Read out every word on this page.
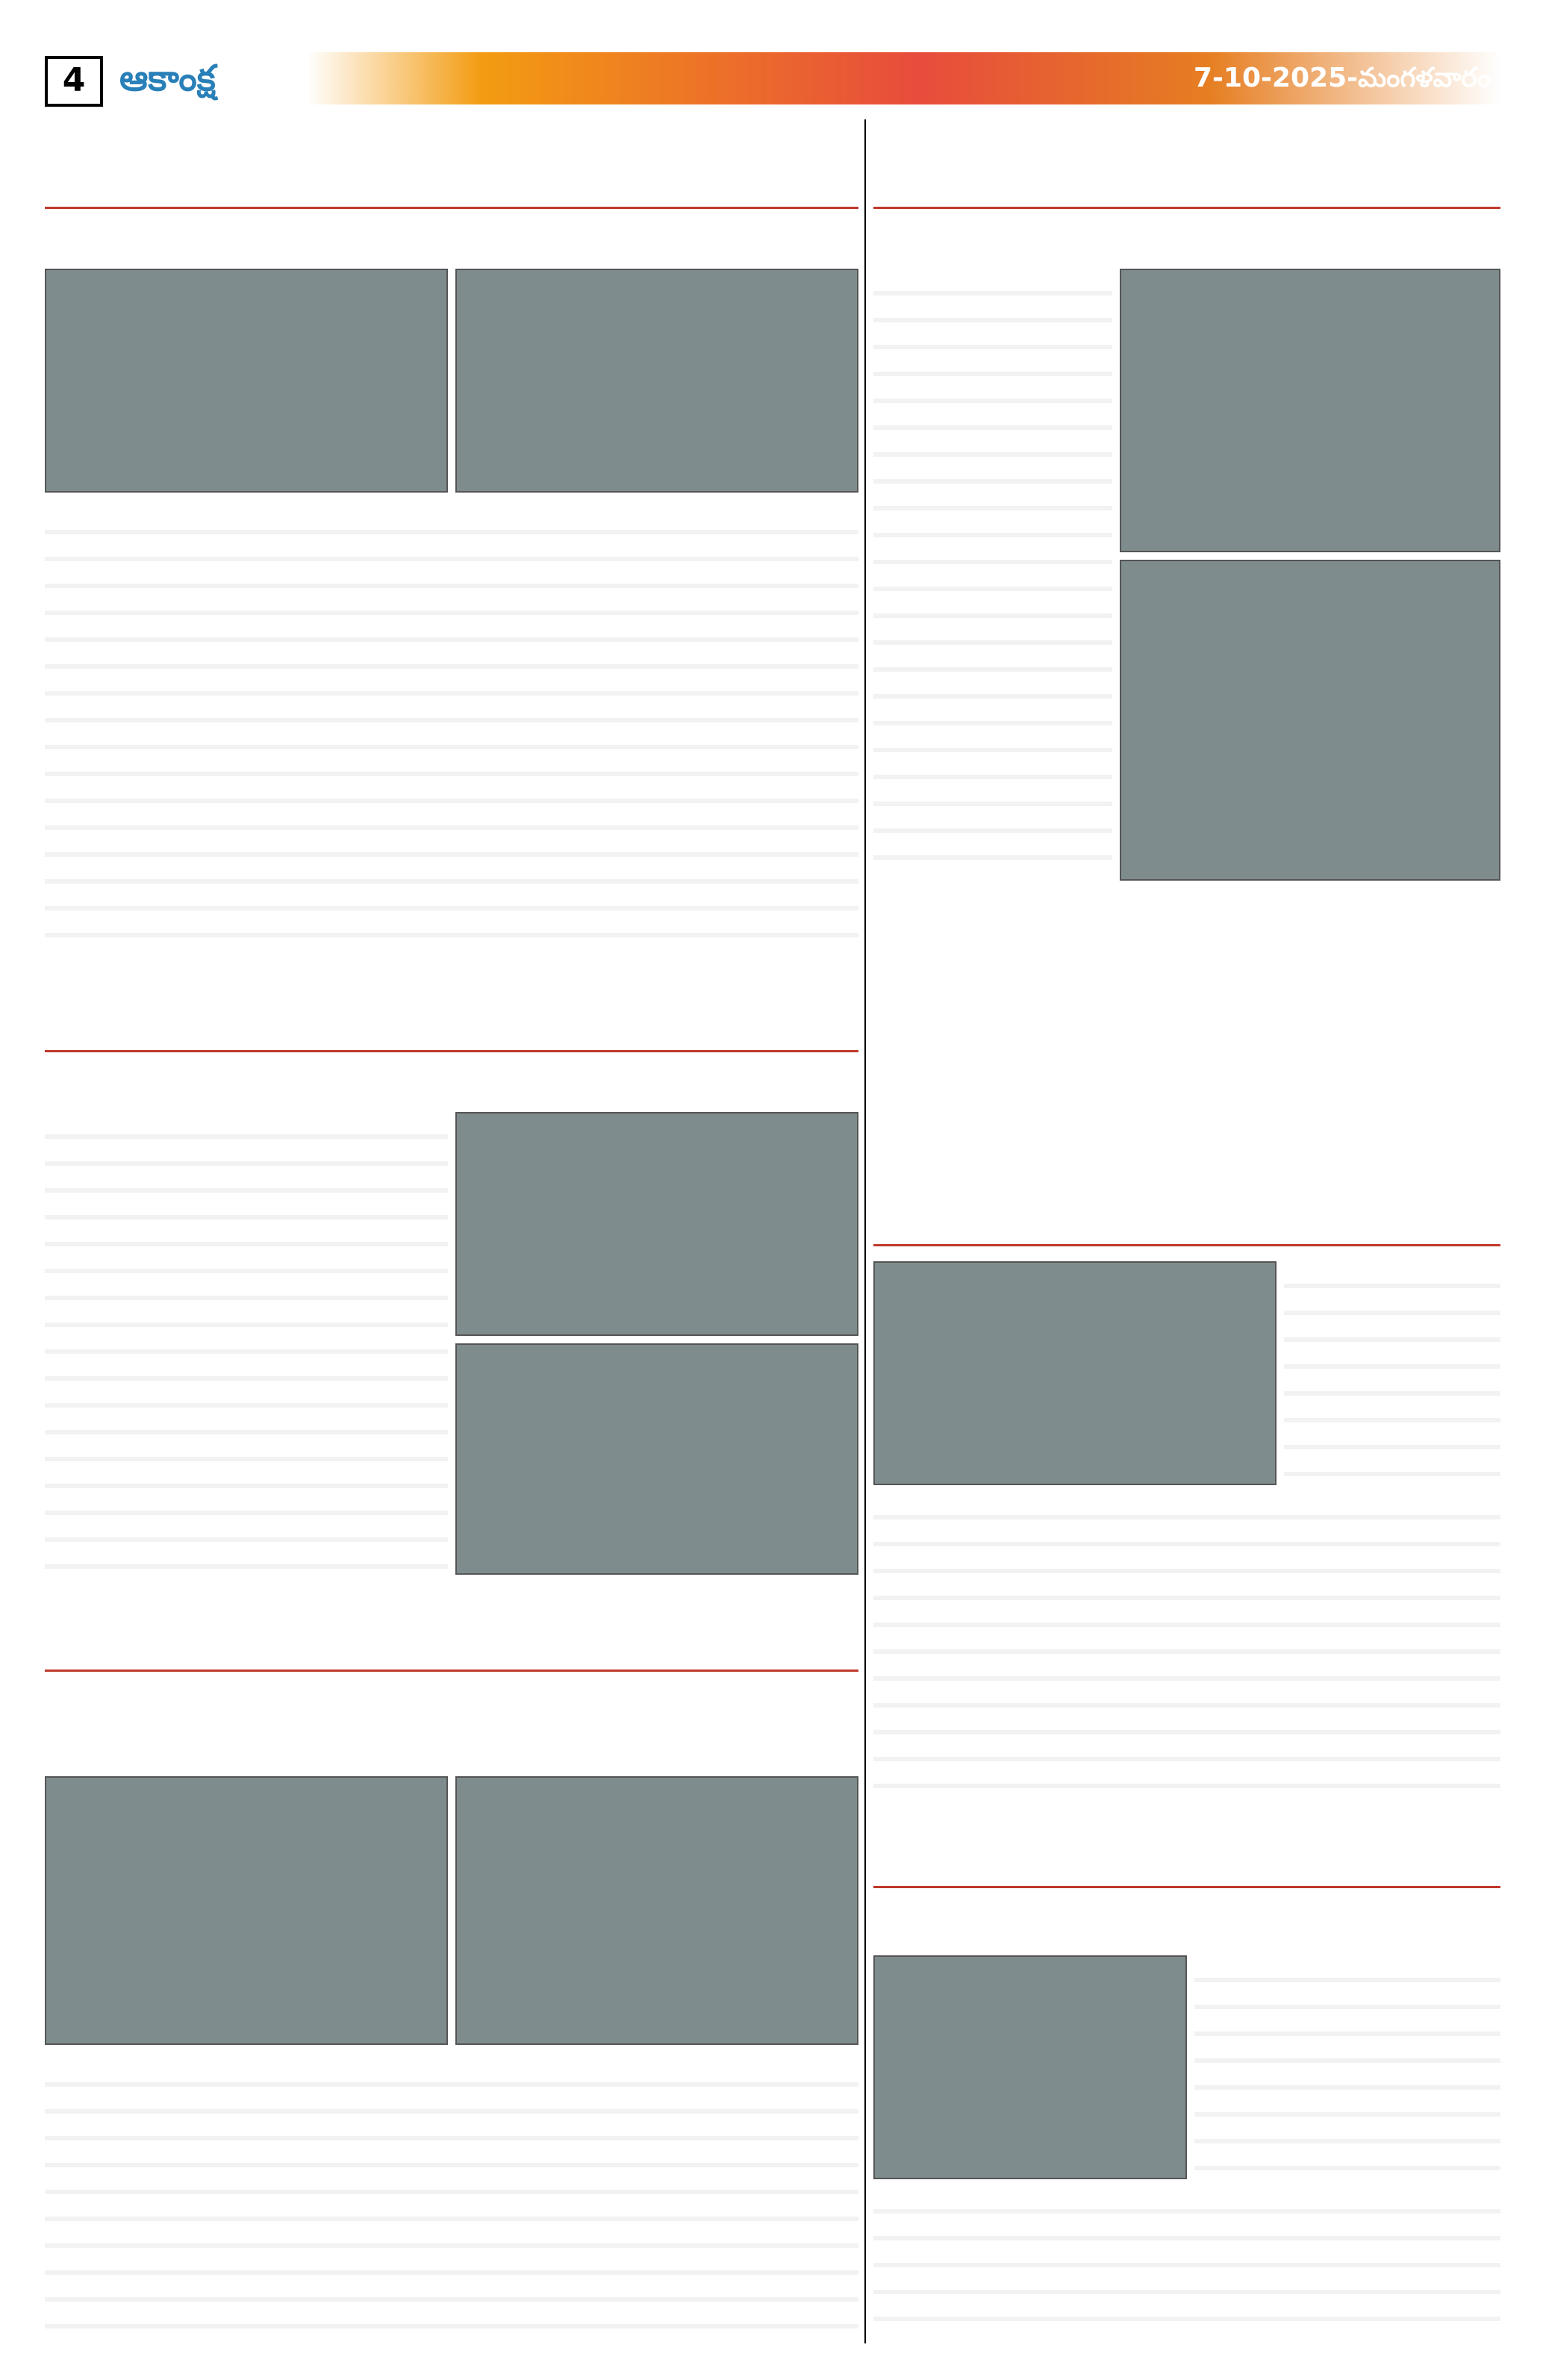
4 ఆకాంక్ష	7-10-2025-మంగళవారం
